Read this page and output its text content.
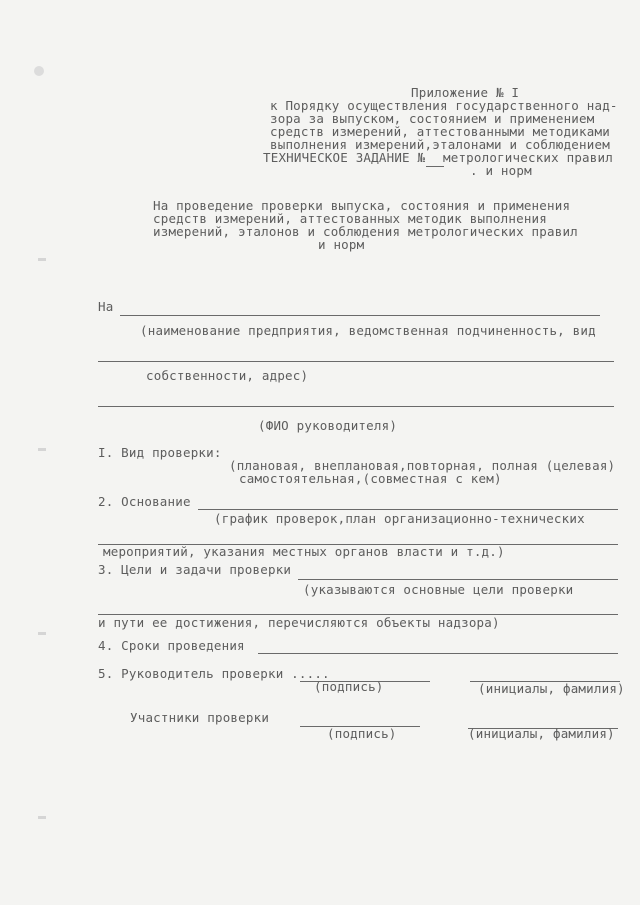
Приложение № I
к Порядку осуществления государственного над-
зора за выпуском, состоянием и применением
средств измерений, аттестованными методиками
выполнения измерений,эталонами и соблюдением
ТЕХНИЧЕСКОЕ ЗАДАНИЕ № метрологических правил
. и норм
На проведение проверки выпуска, состояния и применения
средств измерений, аттестованных методик выполнения
измерений, эталонов и соблюдения метрологических правил
и норм
На
(наименование предприятия, ведомственная подчиненность, вид
собственности, адрес)
(ФИО руководителя)
I. Вид проверки:
(плановая, внеплановая,повторная, полная (целевая)
самостоятельная,(совместная с кем)
2. Основание
(график проверок,план организационно-технических
мероприятий, указания местных органов власти и т.д.)
3. Цели и задачи проверки
(указываются основные цели проверки
и пути ее достижения, перечисляются объекты надзора)
4. Сроки проведения
5. Руководитель проверки .....
(подпись)	(инициалы, фамилия)
Участники проверки
(подпись)	(инициалы, фамилия)
